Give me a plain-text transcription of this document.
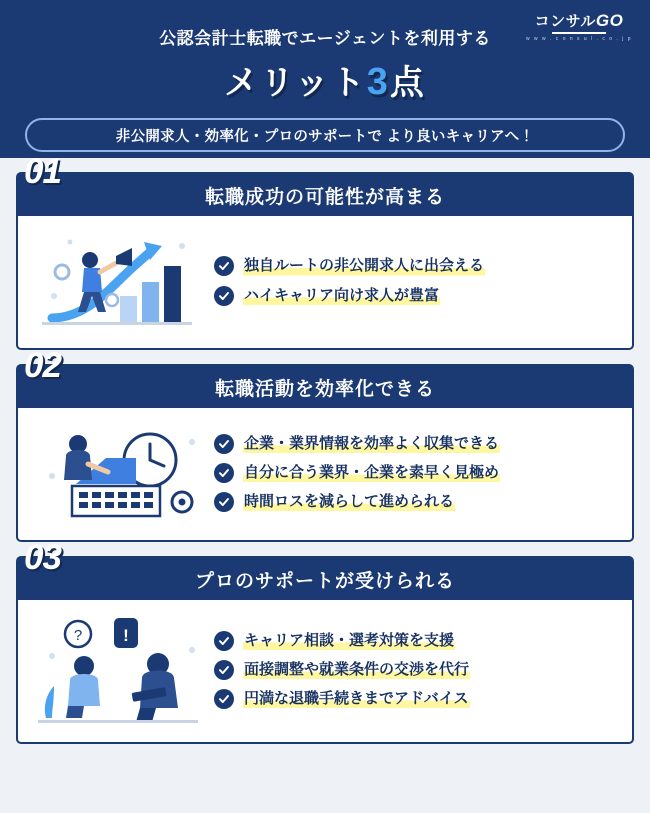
コンサルGO
w w w . c o n s u l . c o . j p
公認会計士転職でエージェントを利用する
メリット3点
非公開求人・効率化・プロのサポートで より良いキャリアへ！
01
転職成功の可能性が高まる
独自ルートの非公開求人に出会える
ハイキャリア向け求人が豊富
02
転職活動を効率化できる
企業・業界情報を効率よく収集できる
自分に合う業界・企業を素早く見極め
時間ロスを減らして進められる
03
プロのサポートが受けられる
? !	キャリア相談・選考対策を支援
面接調整や就業条件の交渉を代行
円満な退職手続きまでアドバイス
